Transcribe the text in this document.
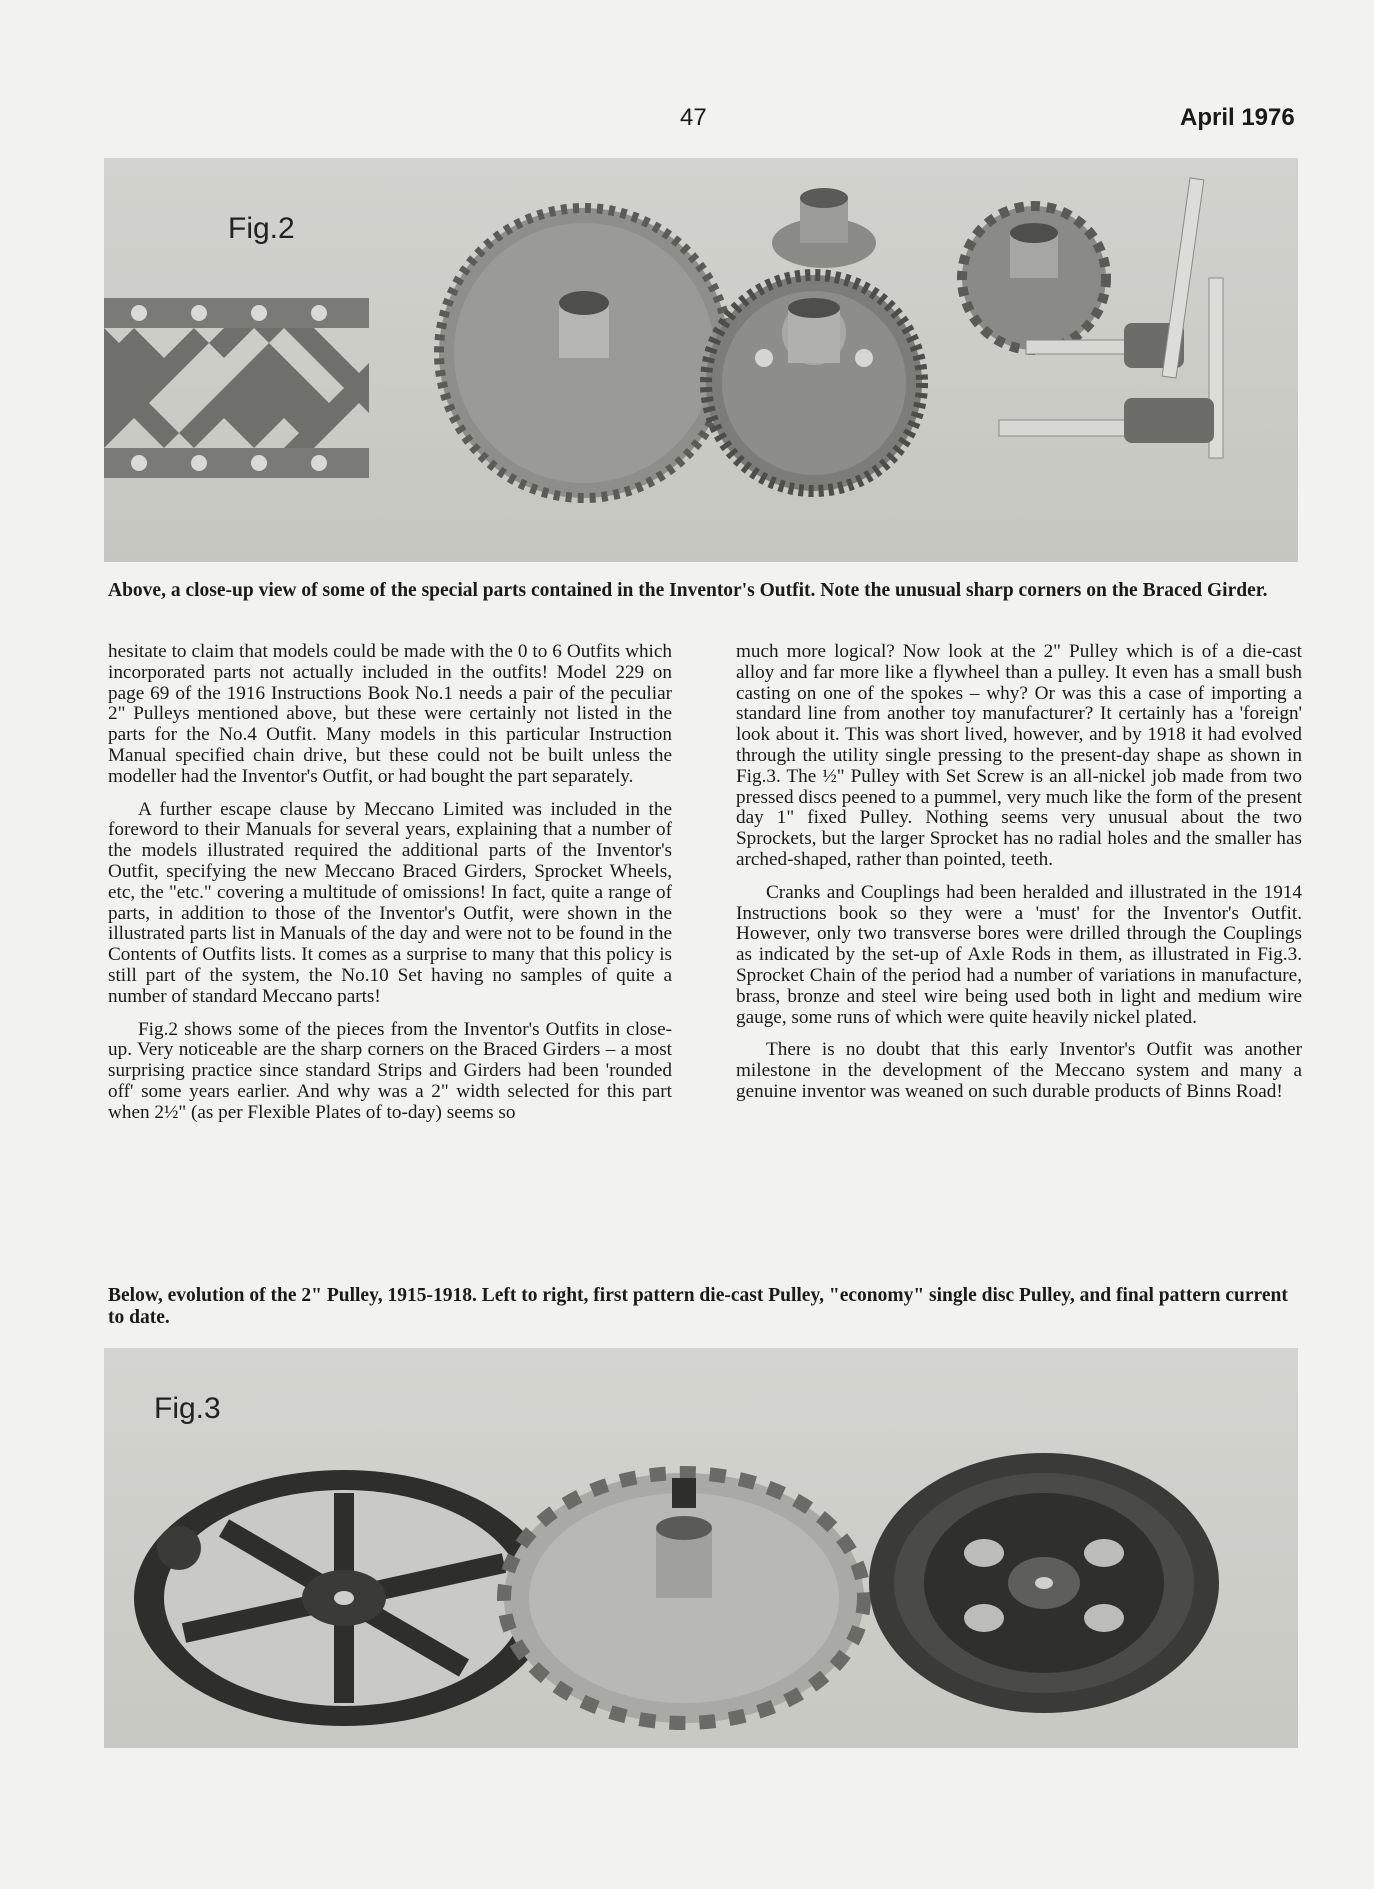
47	April 1976
Fig.2
Above, a close-up view of some of the special parts contained in the Inventor's Outfit. Note the unusual sharp corners on the Braced Girder.

hesitate to claim that models could be made with the 0 to 6 Outfits which incorporated parts not actually included in the outfits! Model 229 on page 69 of the 1916 Instructions Book No.1 needs a pair of the peculiar 2" Pulleys mentioned above, but these were certainly not listed in the parts for the No.4 Outfit. Many models in this particular Instruction Manual specified chain drive, but these could not be built unless the modeller had the Inventor's Outfit, or had bought the part separately.

A further escape clause by Meccano Limited was included in the foreword to their Manuals for several years, explaining that a number of the models illustrated required the additional parts of the Inventor's Outfit, specifying the new Meccano Braced Girders, Sprocket Wheels, etc, the "etc." covering a multitude of omissions! In fact, quite a range of parts, in addition to those of the Inventor's Outfit, were shown in the illustrated parts list in Manuals of the day and were not to be found in the Contents of Outfits lists. It comes as a surprise to many that this policy is still part of the system, the No.10 Set having no samples of quite a number of standard Meccano parts!

Fig.2 shows some of the pieces from the Inventor's Outfits in close-up. Very noticeable are the sharp corners on the Braced Girders – a most surprising practice since standard Strips and Girders had been 'rounded off' some years earlier. And why was a 2" width selected for this part when 2½" (as per Flexible Plates of to-day) seems so

much more logical? Now look at the 2" Pulley which is of a die-cast alloy and far more like a flywheel than a pulley. It even has a small bush casting on one of the spokes – why? Or was this a case of importing a standard line from another toy manufacturer? It certainly has a 'foreign' look about it. This was short lived, however, and by 1918 it had evolved through the utility single pressing to the present-day shape as shown in Fig.3. The ½" Pulley with Set Screw is an all-nickel job made from two pressed discs peened to a pummel, very much like the form of the present day 1" fixed Pulley. Nothing seems very unusual about the two Sprockets, but the larger Sprocket has no radial holes and the smaller has arched-shaped, rather than pointed, teeth.

Cranks and Couplings had been heralded and illustrated in the 1914 Instructions book so they were a 'must' for the Inventor's Outfit. However, only two transverse bores were drilled through the Couplings as indicated by the set-up of Axle Rods in them, as illustrated in Fig.3. Sprocket Chain of the period had a number of variations in manufacture, brass, bronze and steel wire being used both in light and medium wire gauge, some runs of which were quite heavily nickel plated.

There is no doubt that this early Inventor's Outfit was another milestone in the development of the Meccano system and many a genuine inventor was weaned on such durable products of Binns Road!

Below, evolution of the 2" Pulley, 1915-1918. Left to right, first pattern die-cast Pulley, "economy" single disc Pulley, and final pattern current to date.
Fig.3
